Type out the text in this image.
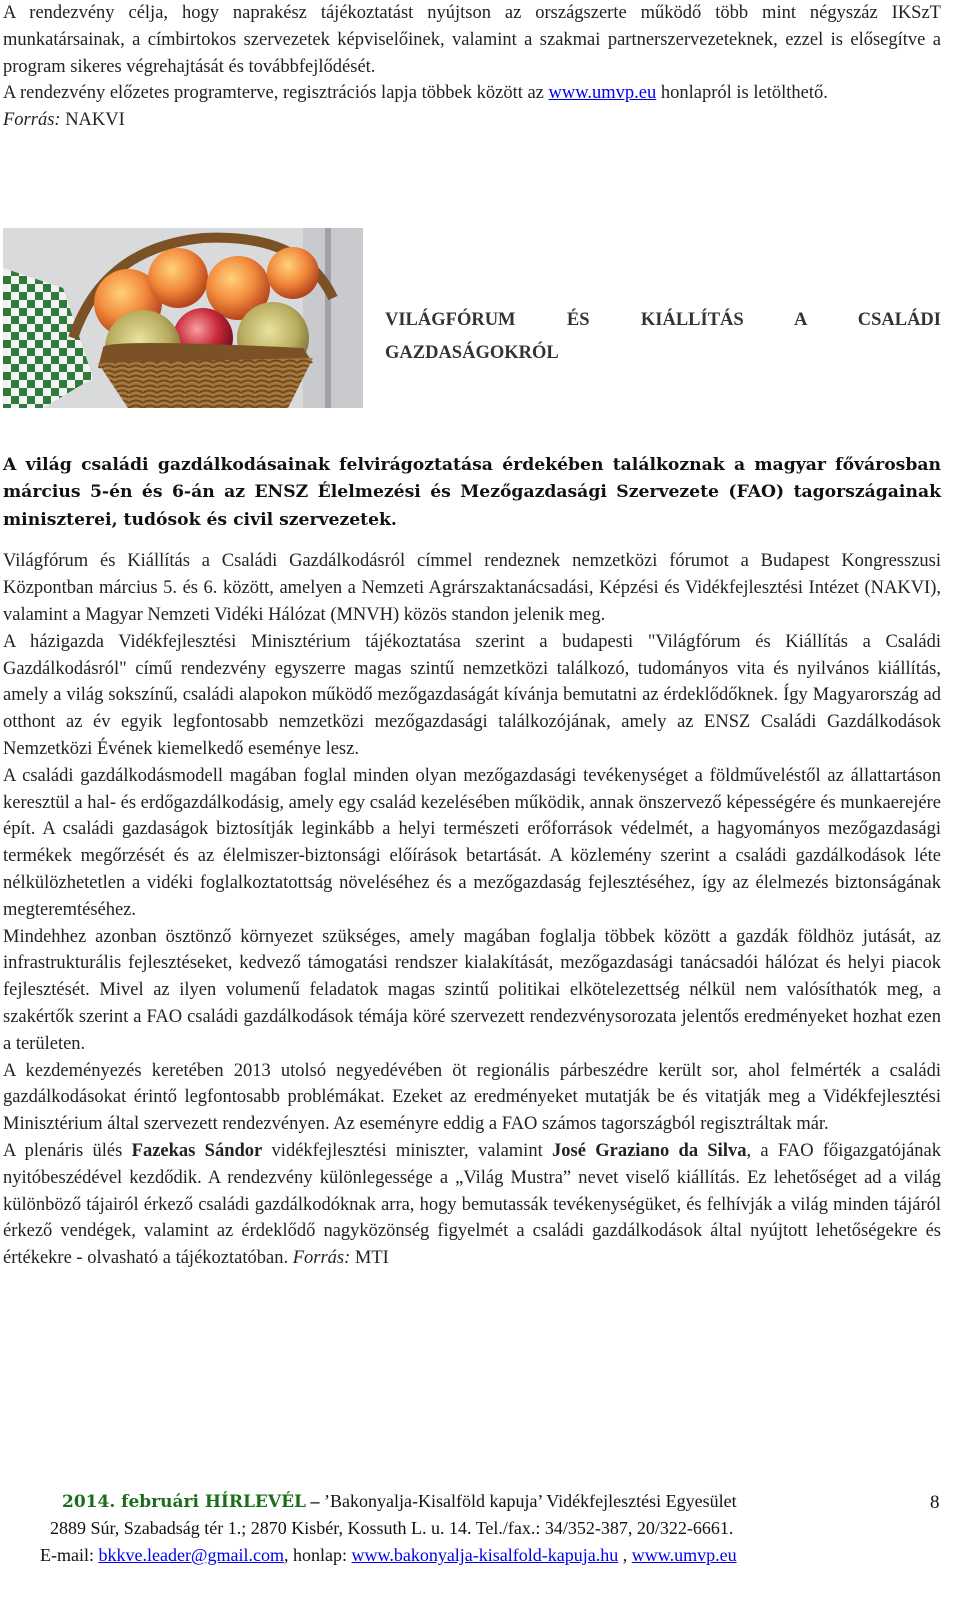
A rendezvény célja, hogy naprakész tájékoztatást nyújtson az országszerte működő több mint négyszáz IKSzT munkatársainak, a címbirtokos szervezetek képviselőinek, valamint a szakmai partnerszervezeteknek, ezzel is elősegítve a program sikeres végrehajtását és továbbfejlődését.

A rendezvény előzetes programterve, regisztrációs lapja többek között az www.umvp.eu honlapról is letölthető.

Forrás: NAKVI

VILÁGFÓRUM ÉS KIÁLLÍTÁS A CSALÁDI
GAZDASÁGOKRÓL

A világ családi gazdálkodásainak felvirágoztatása érdekében találkoznak a magyar fővárosban március 5-én és 6-án az ENSZ Élelmezési és Mezőgazdasági Szervezete (FAO) tagországainak miniszterei, tudósok és civil szervezetek.

Világfórum és Kiállítás a Családi Gazdálkodásról címmel rendeznek nemzetközi fórumot a Budapest Kongresszusi Központban március 5. és 6. között, amelyen a Nemzeti Agrárszaktanácsadási, Képzési és Vidékfejlesztési Intézet (NAKVI), valamint a Magyar Nemzeti Vidéki Hálózat (MNVH) közös standon jelenik meg.

A házigazda Vidékfejlesztési Minisztérium tájékoztatása szerint a budapesti "Világfórum és Kiállítás a Családi Gazdálkodásról" című rendezvény egyszerre magas szintű nemzetközi találkozó, tudományos vita és nyilvános kiállítás, amely a világ sokszínű, családi alapokon működő mezőgazdaságát kívánja bemutatni az érdeklődőknek. Így Magyarország ad otthont az év egyik legfontosabb nemzetközi mezőgazdasági találkozójának, amely az ENSZ Családi Gazdálkodások Nemzetközi Évének kiemelkedő eseménye lesz.

A családi gazdálkodásmodell magában foglal minden olyan mezőgazdasági tevékenységet a földműveléstől az állattartáson keresztül a hal- és erdőgazdálkodásig, amely egy család kezelésében működik, annak önszervező képességére és munkaerejére épít. A családi gazdaságok biztosítják leginkább a helyi természeti erőforrások védelmét, a hagyományos mezőgazdasági termékek megőrzését és az élelmiszer-biztonsági előírások betartását. A közlemény szerint a családi gazdálkodások léte nélkülözhetetlen a vidéki foglalkoztatottság növeléséhez és a mezőgazdaság fejlesztéséhez, így az élelmezés biztonságának megteremtéséhez.

Mindehhez azonban ösztönző környezet szükséges, amely magában foglalja többek között a gazdák földhöz jutását, az infrastrukturális fejlesztéseket, kedvező támogatási rendszer kialakítását, mezőgazdasági tanácsadói hálózat és helyi piacok fejlesztését. Mivel az ilyen volumenű feladatok magas szintű politikai elkötelezettség nélkül nem valósíthatók meg, a szakértők szerint a FAO családi gazdálkodások témája köré szervezett rendezvénysorozata jelentős eredményeket hozhat ezen a területen.

A kezdeményezés keretében 2013 utolsó negyedévében öt regionális párbeszédre került sor, ahol felmérték a családi gazdálkodásokat érintő legfontosabb problémákat. Ezeket az eredményeket mutatják be és vitatják meg a Vidékfejlesztési Minisztérium által szervezett rendezvényen. Az eseményre eddig a FAO számos tagországból regisztráltak már.

A plenáris ülés Fazekas Sándor vidékfejlesztési miniszter, valamint José Graziano da Silva, a FAO főigazgatójának nyitóbeszédével kezdődik. A rendezvény különlegessége a „Világ Mustra” nevet viselő kiállítás. Ez lehetőséget ad a világ különböző tájairól érkező családi gazdálkodóknak arra, hogy bemutassák tevékenységüket, és felhívják a világ minden tájáról érkező vendégek, valamint az érdeklődő nagyközönség figyelmét a családi gazdálkodások által nyújtott lehetőségekre és értékekre - olvasható a tájékoztatóban. Forrás: MTI

2014. februári HÍRLEVÉL – ’Bakonyalja-Kisalföld kapuja’ Vidékfejlesztési Egyesület	8
2889 Súr, Szabadság tér 1.; 2870 Kisbér, Kossuth L. u. 14. Tel./fax.: 34/352-387, 20/322-6661.
E-mail: bkkve.leader@gmail.com, honlap: www.bakonyalja-kisalfold-kapuja.hu , www.umvp.eu
